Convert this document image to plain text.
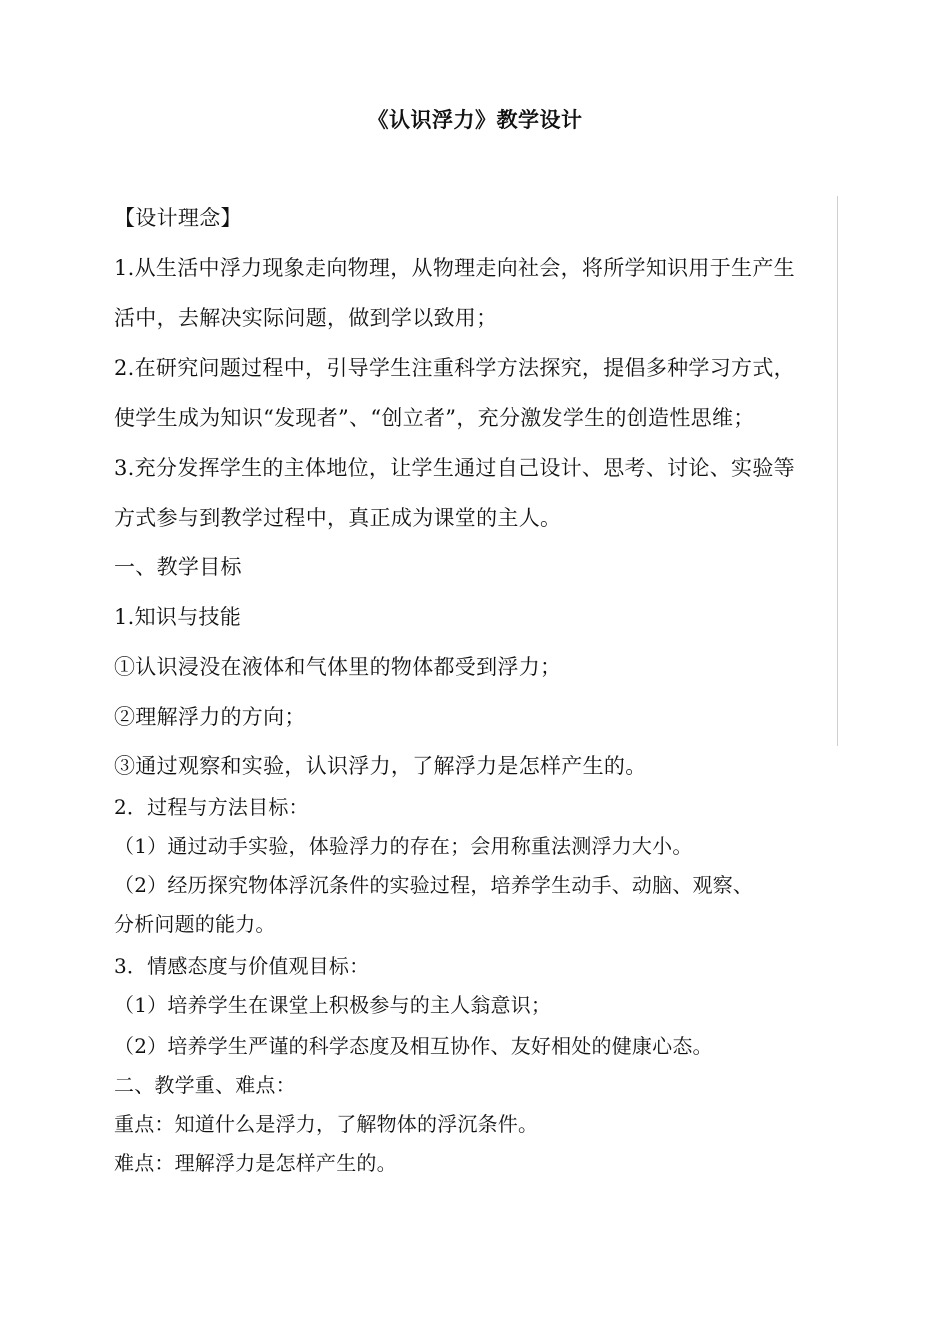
《认识浮力》教学设计
【设计理念】
1.从生活中浮力现象走向物理，从物理走向社会，将所学知识用于生产生
活中，去解决实际问题，做到学以致用；
2.在研究问题过程中，引导学生注重科学方法探究，提倡多种学习方式，
使学生成为知识“发现者”、“创立者”，充分激发学生的创造性思维；
3.充分发挥学生的主体地位，让学生通过自己设计、思考、讨论、实验等
方式参与到教学过程中，真正成为课堂的主人。
一、教学目标
1.知识与技能
①认识浸没在液体和气体里的物体都受到浮力；
②理解浮力的方向；
③通过观察和实验，认识浮力，了解浮力是怎样产生的。
2．过程与方法目标：
（1）通过动手实验，体验浮力的存在；会用称重法测浮力大小。
（2）经历探究物体浮沉条件的实验过程，培养学生动手、动脑、观察、
分析问题的能力。
3．情感态度与价值观目标：
（1）培养学生在课堂上积极参与的主人翁意识；
（2）培养学生严谨的科学态度及相互协作、友好相处的健康心态。
二、教学重、难点：
重点：知道什么是浮力，了解物体的浮沉条件。
难点：理解浮力是怎样产生的。
